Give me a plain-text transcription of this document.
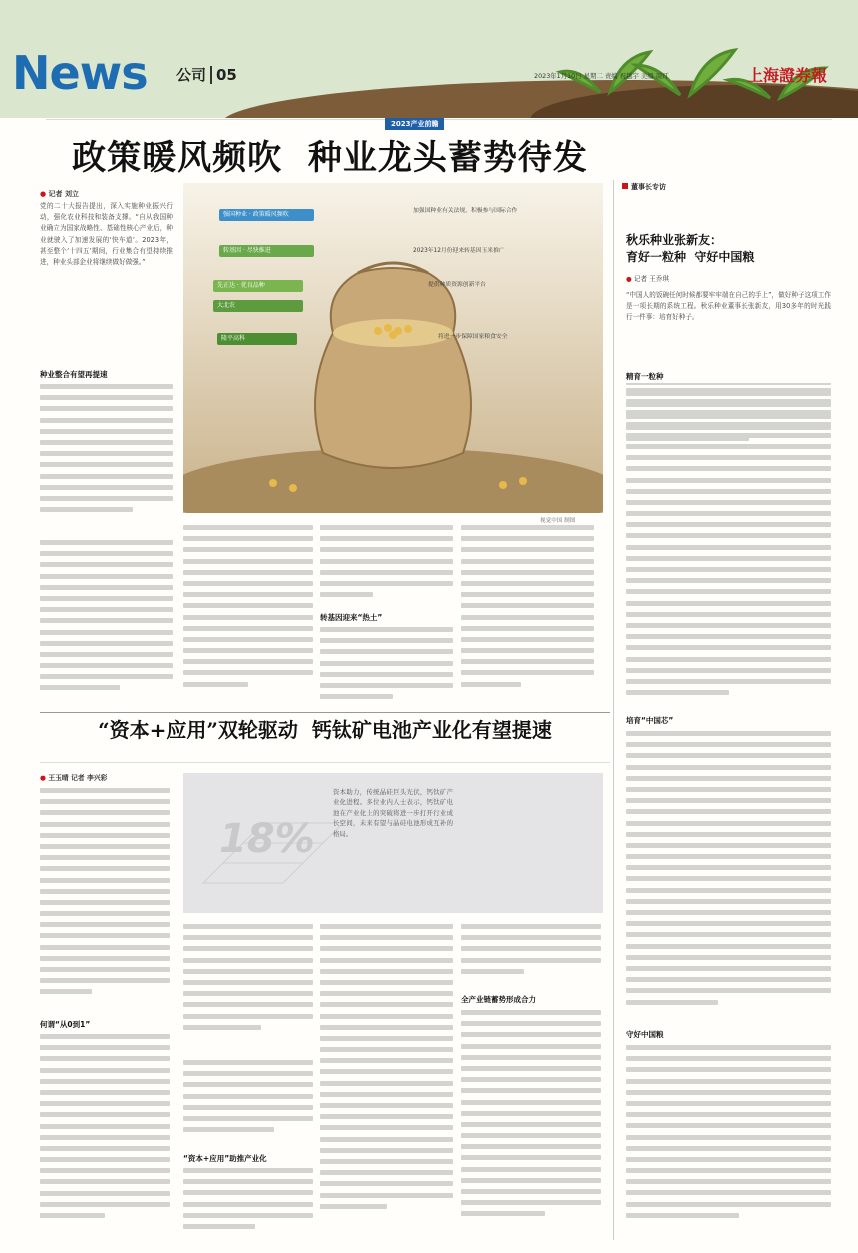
News 公司 05	2023年1月10日 星期二 责编 祝越宇 美编 周玎	上海證券報
2023产业前瞻
政策暖风频吹  种业龙头蓄势待发
● 记者 刘立
党的二十大报告提出，深入实施种业振兴行动，强化农业科技和装备支撑。“自从我国种业确立为国家战略性、基础性核心产业后，种业就驶入了加速发展的‘快车道’。2023年，甚至整个‘十四五’期间，行业集合有望持续推进，种业头部企业将继续做好做强。”
种业整合有望再提速
强国种业 · 政策暖风频吹	加强国种业有关法规，积极参与国际合作
转基因 · 尽快推进	2023年12月份迎来转基因玉米推广
先正达 · 优良品种
大北农
提供种质资源创新平台
隆平高科	将进一步保障国家粮食安全
视觉中国 制图
转基因迎来“热土”
董事长专访
秋乐种业张新友：
育好一粒种  守好中国粮
● 记者 王乔琪
“中国人的饭碗任何时候都要牢牢端在自己的手上”，做好种子这项工作是一项长期的系统工程。秋乐种业董事长张新友，用30多年的时光践行一件事：培育好种子。
精育一粒种
培育“中国芯”
守好中国粮
“资本+应用”双轮驱动  钙钛矿电池产业化有望提速
● 王玉晴 记者 李兴彩
何谓“从0到1”
18%
资本助力，传统晶硅巨头光伏，钙钛矿产业化进程。多位业内人士表示，钙钛矿电池在产业化上的突破将进一步打开行业成长空间，未来有望与晶硅电池形成互补的格局。
“资本+应用”助推产业化
全产业链蓄势形成合力
